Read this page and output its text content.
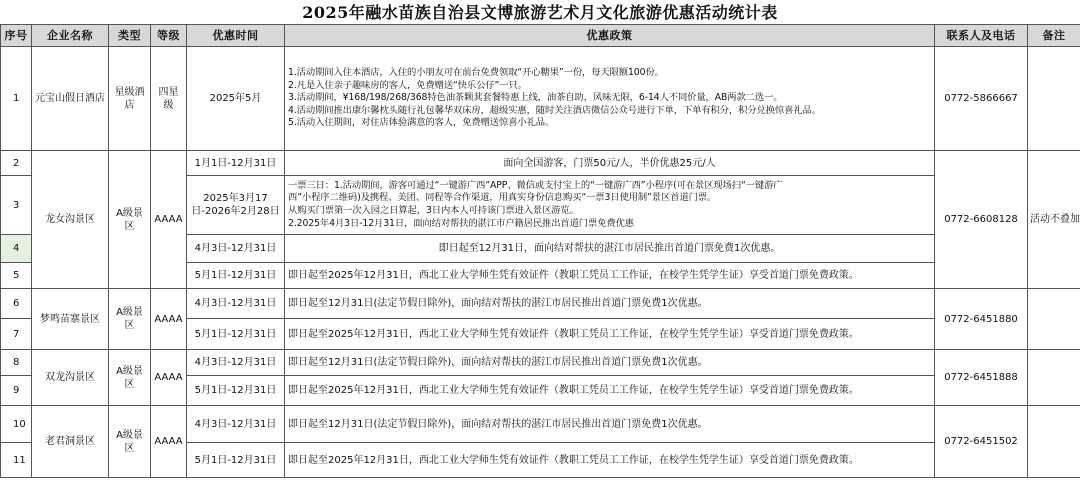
2025年融水苗族自治县文博旅游艺术月文化旅游优惠活动统计表
序号	企业名称	类型	等级	优惠时间	优惠政策	联系人及电话	备注
1	元宝山假日酒店	星级酒店	四星级	2025年5月	1.活动期间入住本酒店，入住的小朋友可在前台免费领取“开心糖果”一份，每天限额100份。
2.凡是入住亲子趣味房的客人，免费赠送“快乐公仔”一只。
3.活动期间，¥168/198/268/368特色油茶颗萁套餐特惠上线，油茶自助，风味无限，6-14人不同价量，AB两款二选一。
4.活动期间推出康尔馨枕头随行礼包馨华双床房，超级实惠，随时关注酒店微信公众号进行下单，下单有积分，积分兑换惊喜礼品。
5.活动入住期间，对住店体验满意的客人，免费赠送惊喜小礼品。	0772-5866667	
2	龙女沟景区	A级景区	AAAA	1月1日-12月31日	面向全国游客，门票50元/人，半价优惠25元/人	0772-6608128	活动不叠加
3				2025年3月17日-2026年2月28日	一票三日：1.活动期间，游客可通过“一键游广西”APP、微信或支付宝上的“一键游广西”小程序(可在景区现场扫“一键游广
西”小程序二维码)及携程、美团、同程等合作渠道，用真实身份信息购买“一票3日使用制”景区首道门票。
从购买门票第一次入园之日算起，3日内本人可持该门票进入景区游览。
2.2025年4月3日-12月31日，面向结对帮扶的湛江市户籍居民推出首道门票免费优惠		

4				4月3日-12月31日	即日起至12月31日，面向结对帮扶的湛江市居民推出首道门票免费1次优惠。		
5				5月1日-12月31日	即日起至2025年12月31日，西北工业大学师生凭有效证件（教职工凭员工工作证，在校学生凭学生证）享受首道门票免费政策。		
6	梦鸣苗寨景区	A级景区	AAAA	4月3日-12月31日	即日起至12月31日(法定节假日除外)，面向结对帮扶的湛江市居民推出首道门票免费1次优惠。	0772-6451880	
7				5月1日-12月31日	即日起至2025年12月31日，西北工业大学师生凭有效证件（教职工凭员工工作证，在校学生凭学生证）享受首道门票免费政策。		
8	双龙沟景区	A级景区	AAAA	4月3日-12月31日	即日起至12月31日(法定节假日除外)，面向结对帮扶的湛江市居民推出首道门票免费1次优惠。	0772-6451888	
9				5月1日-12月31日	即日起至2025年12月31日，西北工业大学师生凭有效证件（教职工凭员工工作证，在校学生凭学生证）享受首道门票免费政策。		
10	老君洞景区	A级景区	AAAA	4月3日-12月31日	即日起至12月31日(法定节假日除外)，面向结对帮扶的湛江市居民推出首道门票免费1次优惠。	0772-6451502	
11				5月1日-12月31日	即日起至2025年12月31日，西北工业大学师生凭有效证件（教职工凭员工工作证，在校学生凭学生证）享受首道门票免费政策。		
